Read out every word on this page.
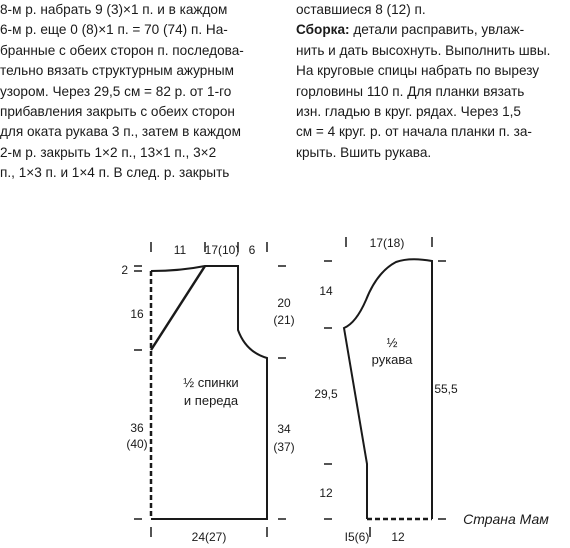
8-м р. набрать 9 (3)×1 п. и в каждом
6-м р. еще 0 (8)×1 п. = 70 (74) п. На-
бранные с обеих сторон п. последова-
тельно вязать структурным ажурным
узором. Через 29,5 см = 82 р. от 1-го
прибавления закрыть с обеих сторон
для оката рукава 3 п., затем в каждом
2-м р. закрыть 1×2 п., 13×1 п., 3×2
п., 1×3 п. и 1×4 п. В след. р. закрыть

оставшиеся 8 (12) п.
Сборка: детали расправить, увлаж-
нить и дать высохнуть. Выполнить швы.
На круговые спицы набрать по вырезу
горловины 110 п. Для планки вязать
изн. гладью в круг. рядах. Через 1,5
см = 4 круг. р. от начала планки п. за-
крыть. Вшить рукава.

11 17(10) 6
2
16
36
(40)
20
(21)
34
(37)
24(27)
½ спинки
и переда
17(18)
14
29,5
12
55,5
I5(6) 12
½
рукава
Страна Мам
